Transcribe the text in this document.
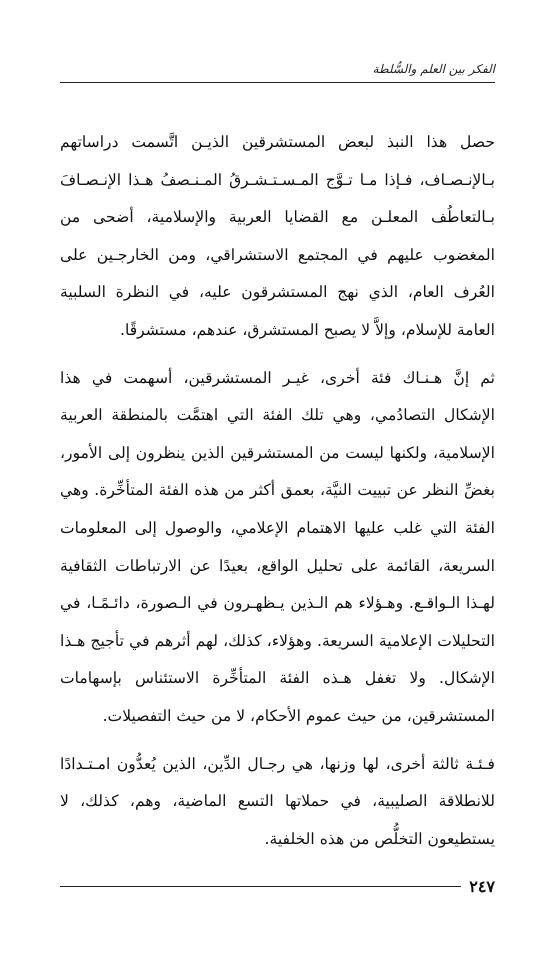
الفكر بين العلم والسُّلطة

حصل هذا النبذ لبعض المستشرقين الذيـن اتَّسمت دراساتهم بـالإنـصـاف، فـإذا مـا تـوَّج المـسـتـشـرقُ المـنـصفُ هـذا الإنـصـافَ بـالتعاطُف المعلـن مع القضايا العربية والإسلامية، أضحى من المغضوب عليهم في المجتمع الاستشراقي، ومن الخارجـين على العُرف العام، الذي نهج المستشرقون عليه، في النظرة السلبية العامة للإسلام، وإلاَّ لا يصبح المستشرق، عندهم، مستشرقًا.

ثم إنَّ هـنـاك فئة أخرى، غيـر المستشرقين، أسهمت في هذا الإشكال التصادُمي، وهي تلك الفئة التي اهتمَّت بالمنطقة العربية الإسلامية، ولكنها ليست من المستشرقين الذين ينظرون إلى الأمور، بغضِّ النظر عن تبييت النيَّة، بعمق أكثر من هذه الفئة المتأخِّرة. وهي الفئة التي غلب عليها الاهتمام الإعلامي، والوصول إلى المعلومات السريعة، القائمة على تحليل الواقع، بعيدًا عن الارتباطات الثقافية لهـذا الـواقـع. وهـؤلاء هم الـذين يـظهـرون في الـصورة، دائـمًـا، في التحليلات الإعلامية السريعة. وهؤلاء، كذلك، لهم أثرهم في تأجيج هـذا الإشكال. ولا تغفل هـذه الفئة المتأخِّرة الاستئناس بإسهامات المستشرقين، من حيث عموم الأحكام، لا من حيث التفصيلات.

فـئـة ثالثة أخرى، لها وزنها، هي رجـال الدِّين، الذين يُعدُّون امـتـدادًا للانطلاقة الصليبية، في حملاتها التسع الماضية، وهم، كذلك، لا يستطيعون التخلُّص من هذه الخلفية.

٢٤٧
